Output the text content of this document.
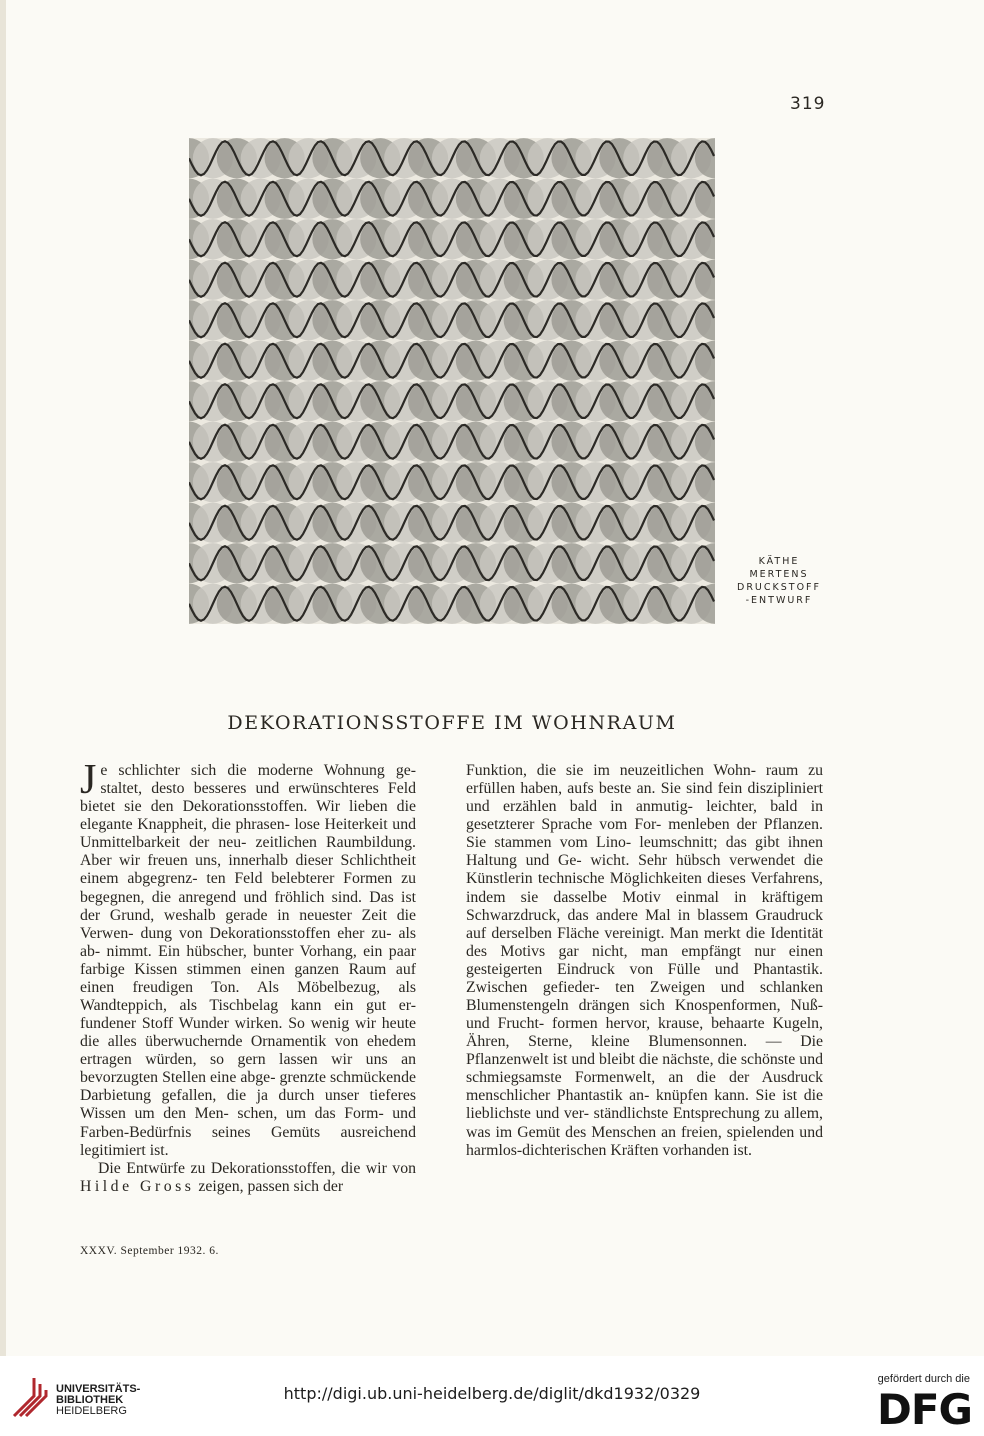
319
KÄTHE
MERTENS
DRUCKSTOFF
-ENTWURF
DEKORATIONSSTOFFE IM WOHNRAUM

J e schlichter sich die moderne Wohnung ge- staltet, desto besseres und erwünschteres Feld bietet sie den Dekorationsstoffen. Wir lieben die elegante Knappheit, die phrasen- lose Heiterkeit und Unmittelbarkeit der neu- zeitlichen Raumbildung. Aber wir freuen uns, innerhalb dieser Schlichtheit einem abgegrenz- ten Feld belebterer Formen zu begegnen, die anregend und fröhlich sind. Das ist der Grund, weshalb gerade in neuester Zeit die Verwen- dung von Dekorationsstoffen eher zu- als ab- nimmt. Ein hübscher, bunter Vorhang, ein paar farbige Kissen stimmen einen ganzen Raum auf einen freudigen Ton. Als Möbelbezug, als Wandteppich, als Tischbelag kann ein gut er- fundener Stoff Wunder wirken. So wenig wir heute die alles überwuchernde Ornamentik von ehedem ertragen würden, so gern lassen wir uns an bevorzugten Stellen eine abge- grenzte schmückende Darbietung gefallen, die ja durch unser tieferes Wissen um den Men- schen, um das Form- und Farben-Bedürfnis seines Gemüts ausreichend legitimiert ist.

Die Entwürfe zu Dekorationsstoffen, die wir von Hilde Gross zeigen, passen sich der

Funktion, die sie im neuzeitlichen Wohn- raum zu erfüllen haben, aufs beste an. Sie sind fein diszipliniert und erzählen bald in anmutig- leichter, bald in gesetzterer Sprache vom For- menleben der Pflanzen. Sie stammen vom Lino- leumschnitt; das gibt ihnen Haltung und Ge- wicht. Sehr hübsch verwendet die Künstlerin technische Möglichkeiten dieses Verfahrens, indem sie dasselbe Motiv einmal in kräftigem Schwarzdruck, das andere Mal in blassem Graudruck auf derselben Fläche vereinigt. Man merkt die Identität des Motivs gar nicht, man empfängt nur einen gesteigerten Eindruck von Fülle und Phantastik. Zwischen gefieder- ten Zweigen und schlanken Blumenstengeln drängen sich Knospenformen, Nuß- und Frucht- formen hervor, krause, behaarte Kugeln, Ähren, Sterne, kleine Blumensonnen. — Die Pflanzenwelt ist und bleibt die nächste, die schönste und schmiegsamste Formenwelt, an die der Ausdruck menschlicher Phantastik an- knüpfen kann. Sie ist die lieblichste und ver- ständlichste Entsprechung zu allem, was im Gemüt des Menschen an freien, spielenden und harmlos-dichterischen Kräften vorhanden ist.

XXXV. September 1932. 6.
UNIVERSITÄTS-
BIBLIOTHEK
HEIDELBERG
http://digi.ub.uni-heidelberg.de/diglit/dkd1932/0329
gefördert durch die
DFG
